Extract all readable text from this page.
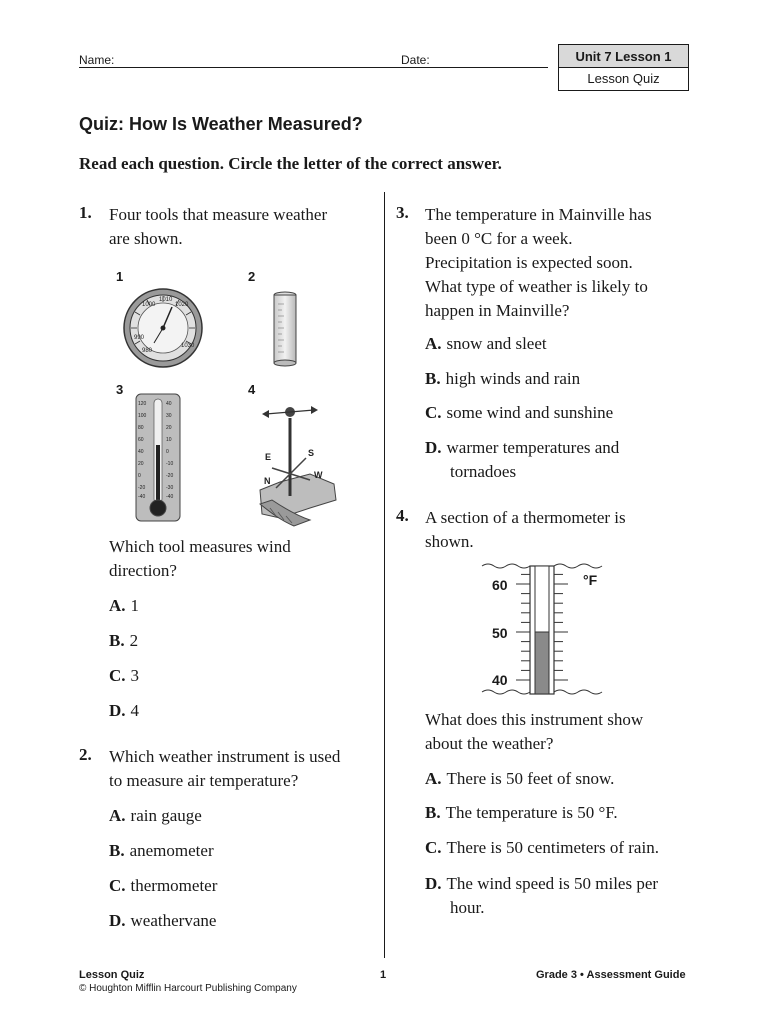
Name:	Date:	Unit 7 Lesson 1
Lesson Quiz
Quiz: How Is Weather Measured?
Read each question. Circle the letter of the correct answer.
1. Four tools that measure weather
are shown.
1	2
3	4
1000
1010
1020
1030
990
980
120
100
80
60
40
20
0
-20
-40
40
30
20
10
0
-10
-20
-30
-40
E	S
N
W
Which tool measures wind
direction?
A. 1
B. 2
C. 3
D. 4
2. Which weather instrument is used
to measure air temperature?
A. rain gauge
B. anemometer
C. thermometer
D. weathervane
3. The temperature in Mainville has
been 0 °C for a week.
Precipitation is expected soon.
What type of weather is likely to
happen in Mainville?
A. snow and sleet
B. high winds and rain
C. some wind and sunshine
D. warmer temperatures and
tornadoes
4. A section of a thermometer is
shown.
60
50
40
°F
What does this instrument show
about the weather?
A. There is 50 feet of snow.
B. The temperature is 50 °F.
C. There is 50 centimeters of rain.
D. The wind speed is 50 miles per
hour.
Lesson Quiz
© Houghton Mifflin Harcourt Publishing Company
1	Grade 3 • Assessment Guide
